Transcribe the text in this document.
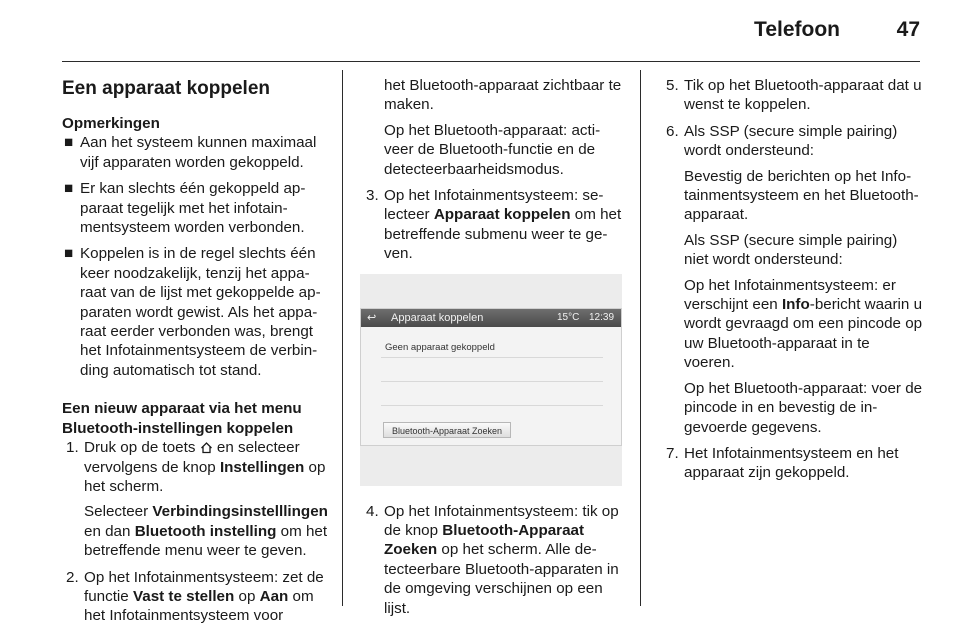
Telefoon	47
Een apparaat koppelen

Opmerkingen

■ Aan het systeem kunnen maximaal vijf apparaten worden gekoppeld.
■ Er kan slechts één gekoppeld apparaat tegelijk met het infotainmentsysteem worden verbonden.
■ Koppelen is in de regel slechts één keer noodzakelijk, tenzij het apparaat van de lijst met gekoppelde apparaten wordt gewist. Als het apparaat eerder verbonden was, brengt het Infotainmentsysteem de verbinding automatisch tot stand.

Een nieuw apparaat via het menu Bluetooth-instellingen koppelen

1. Druk op de toets  en selecteer vervolgens de knop Instellingen op het scherm.

Selecteer Verbindingsinstelllingen en dan Bluetooth instelling om het betreffende menu weer te geven.

2. Op het Infotainmentsysteem: zet de functie Vast te stellen op Aan om het Infotainmentsysteem voor

het Bluetooth-apparaat zichtbaar te maken.

Op het Bluetooth-apparaat: activeer de Bluetooth-functie en de detecteerbaarheidsmodus.

3. Op het Infotainmentsysteem: selecteer Apparaat koppelen om het betreffende submenu weer te geven.

↩ Apparaat koppelen	15°C 12:39
Geen apparaat gekoppeld
Bluetooth-Apparaat Zoeken
4. Op het Infotainmentsysteem: tik op de knop Bluetooth-Apparaat Zoeken op het scherm. Alle detecteerbare Bluetooth-apparaten in de omgeving verschijnen op een lijst.

5. Tik op het Bluetooth-apparaat dat u wenst te koppelen.

6. Als SSP (secure simple pairing) wordt ondersteund:

Bevestig de berichten op het Infotainmentsysteem en het Bluetooth-apparaat.

Als SSP (secure simple pairing) niet wordt ondersteund:

Op het Infotainmentsysteem: er verschijnt een Info-bericht waarin u wordt gevraagd om een pincode op uw Bluetooth-apparaat in te voeren.

Op het Bluetooth-apparaat: voer de pincode in en bevestig de ingevoerde gegevens.

7. Het Infotainmentsysteem en het apparaat zijn gekoppeld.
